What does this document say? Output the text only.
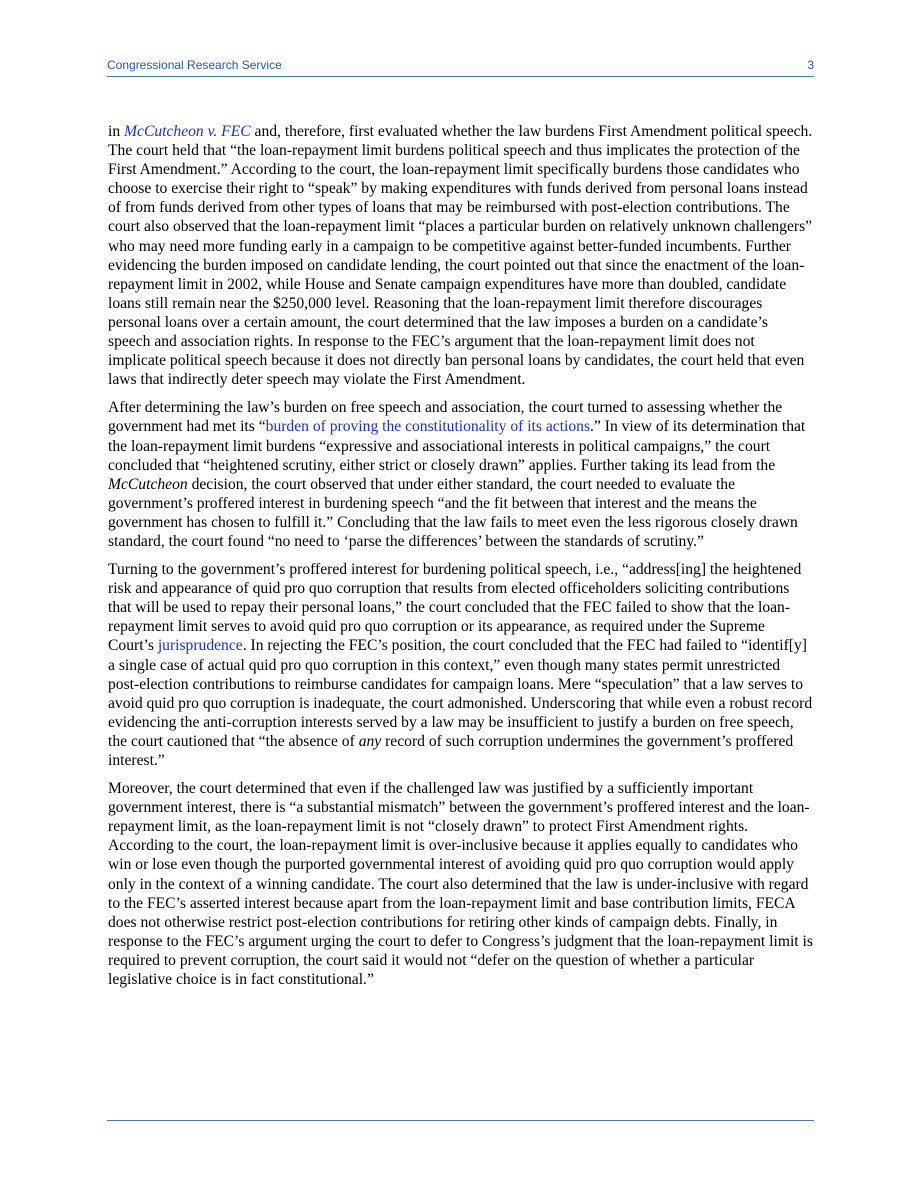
Congressional Research Service	3

in McCutcheon v. FEC and, therefore, first evaluated whether the law burdens First Amendment political speech. The court held that “the loan-repayment limit burdens political speech and thus implicates the protection of the First Amendment.” According to the court, the loan-repayment limit specifically burdens those candidates who choose to exercise their right to “speak” by making expenditures with funds derived from personal loans instead of from funds derived from other types of loans that may be reimbursed with post-election contributions. The court also observed that the loan-repayment limit “places a particular burden on relatively unknown challengers” who may need more funding early in a campaign to be competitive against better-funded incumbents. Further evidencing the burden imposed on candidate lending, the court pointed out that since the enactment of the loan-repayment limit in 2002, while House and Senate campaign expenditures have more than doubled, candidate loans still remain near the $250,000 level. Reasoning that the loan-repayment limit therefore discourages personal loans over a certain amount, the court determined that the law imposes a burden on a candidate’s speech and association rights. In response to the FEC’s argument that the loan-repayment limit does not implicate political speech because it does not directly ban personal loans by candidates, the court held that even laws that indirectly deter speech may violate the First Amendment.

After determining the law’s burden on free speech and association, the court turned to assessing whether the government had met its “burden of proving the constitutionality of its actions.” In view of its determination that the loan-repayment limit burdens “expressive and associational interests in political campaigns,” the court concluded that “heightened scrutiny, either strict or closely drawn” applies. Further taking its lead from the McCutcheon decision, the court observed that under either standard, the court needed to evaluate the government’s proffered interest in burdening speech “and the fit between that interest and the means the government has chosen to fulfill it.” Concluding that the law fails to meet even the less rigorous closely drawn standard, the court found “no need to ‘parse the differences’ between the standards of scrutiny.”

Turning to the government’s proffered interest for burdening political speech, i.e., “address[ing] the heightened risk and appearance of quid pro quo corruption that results from elected officeholders soliciting contributions that will be used to repay their personal loans,” the court concluded that the FEC failed to show that the loan-repayment limit serves to avoid quid pro quo corruption or its appearance, as required under the Supreme Court’s jurisprudence. In rejecting the FEC’s position, the court concluded that the FEC had failed to “identif[y] a single case of actual quid pro quo corruption in this context,” even though many states permit unrestricted post-election contributions to reimburse candidates for campaign loans. Mere “speculation” that a law serves to avoid quid pro quo corruption is inadequate, the court admonished. Underscoring that while even a robust record evidencing the anti-corruption interests served by a law may be insufficient to justify a burden on free speech, the court cautioned that “the absence of any record of such corruption undermines the government’s proffered interest.”

Moreover, the court determined that even if the challenged law was justified by a sufficiently important government interest, there is “a substantial mismatch” between the government’s proffered interest and the loan-repayment limit, as the loan-repayment limit is not “closely drawn” to protect First Amendment rights. According to the court, the loan-repayment limit is over-inclusive because it applies equally to candidates who win or lose even though the purported governmental interest of avoiding quid pro quo corruption would apply only in the context of a winning candidate. The court also determined that the law is under-inclusive with regard to the FEC’s asserted interest because apart from the loan-repayment limit and base contribution limits, FECA does not otherwise restrict post-election contributions for retiring other kinds of campaign debts. Finally, in response to the FEC’s argument urging the court to defer to Congress’s judgment that the loan-repayment limit is required to prevent corruption, the court said it would not “defer on the question of whether a particular legislative choice is in fact constitutional.”
